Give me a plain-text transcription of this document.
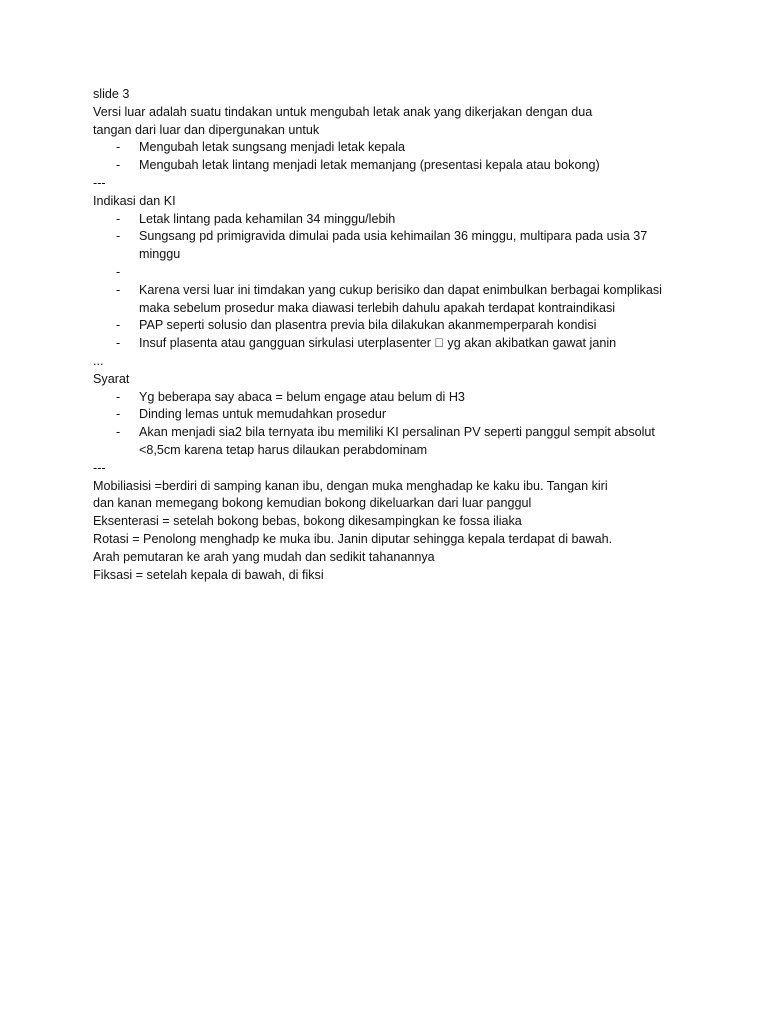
slide 3

Versi luar adalah suatu tindakan untuk mengubah letak anak yang dikerjakan dengan dua

tangan dari luar dan dipergunakan untuk

-	Mengubah letak sungsang menjadi letak kepala
-	Mengubah letak lintang menjadi letak memanjang (presentasi kepala atau bokong)

---

Indikasi dan KI

-	Letak lintang pada kehamilan 34 minggu/lebih
-	Sungsang pd primigravida dimulai pada usia kehimailan 36 minggu, multipara pada usia 37 minggu
-
-	Karena versi luar ini timdakan yang cukup berisiko dan dapat enimbulkan berbagai komplikasi maka sebelum prosedur maka diawasi terlebih dahulu apakah terdapat kontraindikasi
-	PAP seperti solusio dan plasentra previa bila dilakukan akanmemperparah kondisi
-	Insuf plasenta atau gangguan sirkulasi uterplasenter yg akan akibatkan gawat janin

...

Syarat

-	Yg beberapa say abaca = belum engage atau belum di H3
-	Dinding lemas untuk memudahkan prosedur
-	Akan menjadi sia2 bila ternyata ibu memiliki KI persalinan PV seperti panggul sempit absolut <8,5cm karena tetap harus dilaukan perabdominam

---

Mobiliasisi =berdiri di samping kanan ibu, dengan muka menghadap ke kaku ibu. Tangan kiri

dan kanan memegang bokong kemudian bokong dikeluarkan dari luar panggul

Eksenterasi = setelah bokong bebas, bokong dikesampingkan ke fossa iliaka

Rotasi = Penolong menghadp ke muka ibu. Janin diputar sehingga kepala terdapat di bawah.

Arah pemutaran ke arah yang mudah dan sedikit tahanannya

Fiksasi = setelah kepala di bawah, di fiksi
